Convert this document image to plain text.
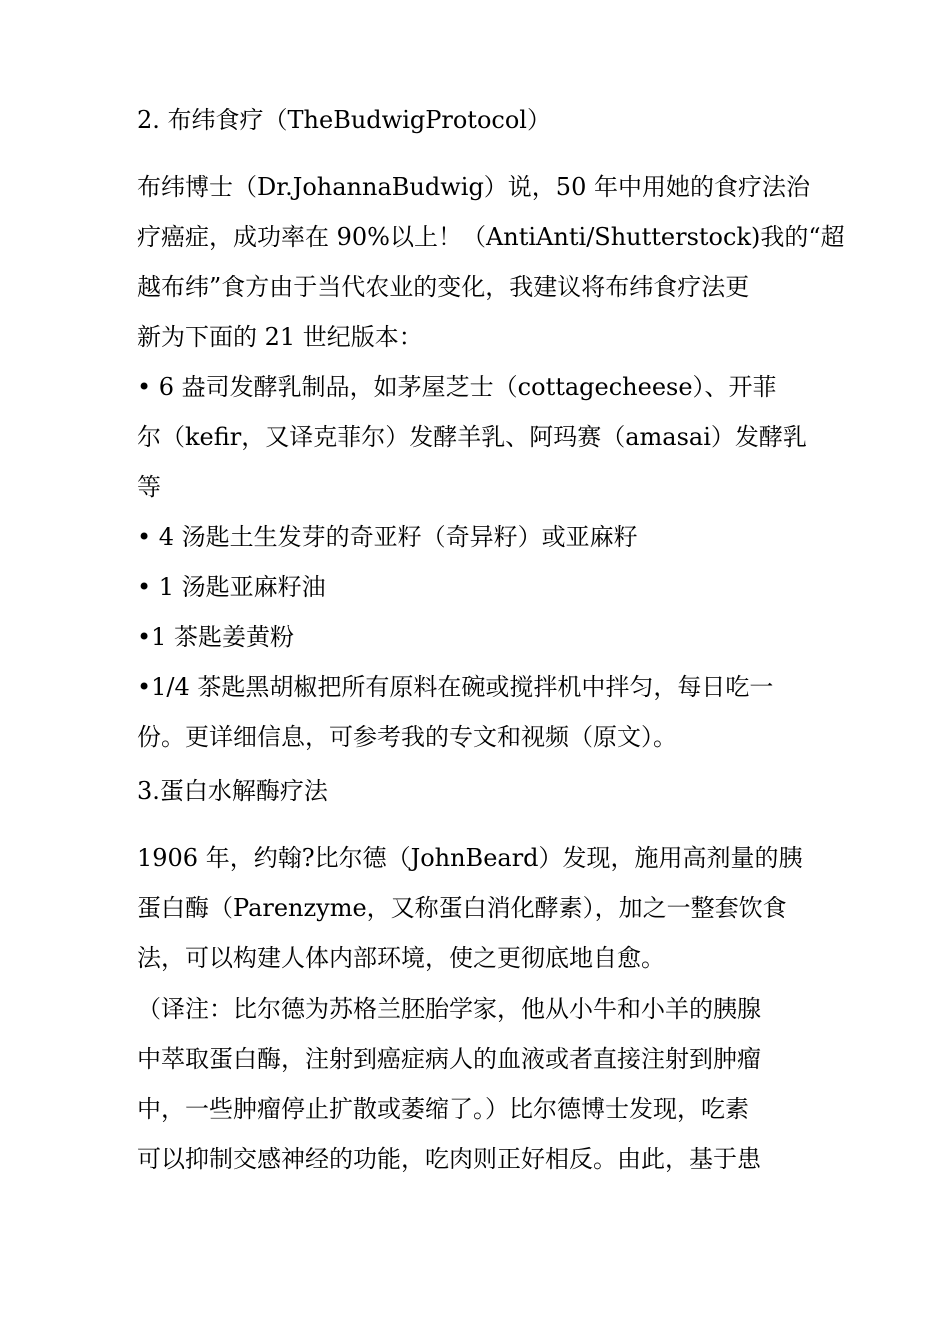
2. 布纬食疗（TheBudwigProtocol）
布纬博士（Dr.JohannaBudwig）说，50 年中用她的食疗法治
疗癌症，成功率在 90%以上！（AntiAnti/Shutterstock)我的“超
越布纬”食方由于当代农业的变化，我建议将布纬食疗法更
新为下面的 21 世纪版本：
• 6 盎司发酵乳制品，如茅屋芝士（cottagecheese）、开菲
尔（kefir，又译克菲尔）发酵羊乳、阿玛赛（amasai）发酵乳
等
• 4 汤匙土生发芽的奇亚籽（奇异籽）或亚麻籽
• 1 汤匙亚麻籽油
•1 茶匙姜黄粉
•1/4 茶匙黑胡椒把所有原料在碗或搅拌机中拌匀，每日吃一
份。更详细信息，可参考我的专文和视频（原文）。
3.蛋白水解酶疗法
1906 年，约翰?比尔德（JohnBeard）发现，施用高剂量的胰
蛋白酶（Parenzyme，又称蛋白消化酵素），加之一整套饮食
法，可以构建人体内部环境，使之更彻底地自愈。
（译注：比尔德为苏格兰胚胎学家，他从小牛和小羊的胰腺
中萃取蛋白酶，注射到癌症病人的血液或者直接注射到肿瘤
中，一些肿瘤停止扩散或萎缩了。）比尔德博士发现，吃素
可以抑制交感神经的功能，吃肉则正好相反。由此，基于患
